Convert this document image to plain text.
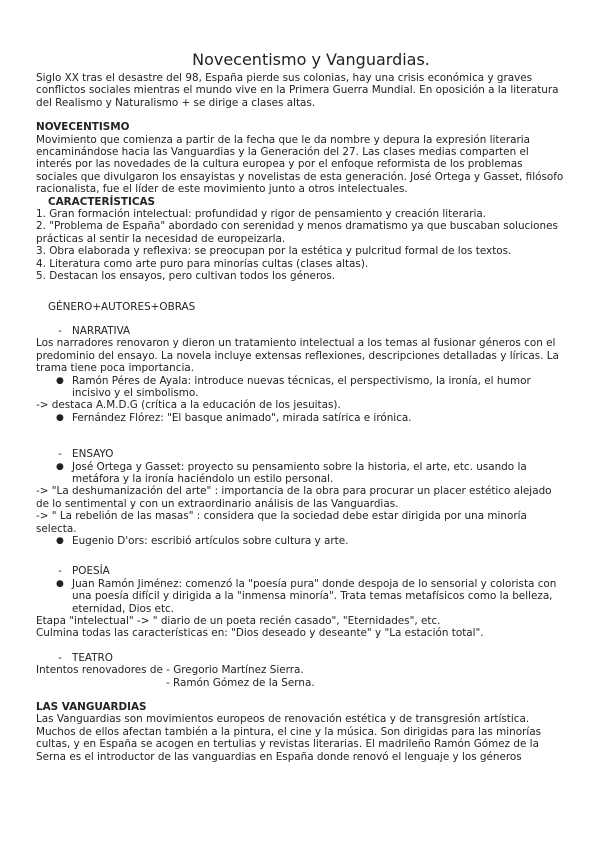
Novecentismo y Vanguardias.

Siglo XX tras el desastre del 98, España pierde sus colonias, hay una crisis económica y graves conflictos sociales mientras el mundo vive en la Primera Guerra Mundial. En oposición a la literatura del Realismo y Naturalismo + se dirige a clases altas.

NOVECENTISMO

Movimiento que comienza a partir de la fecha que le da nombre y depura la expresión literaria encaminándose hacia las Vanguardias y la Generación del 27. Las clases medias comparten el interés por las novedades de la cultura europea y por el enfoque reformista de los problemas sociales que divulgaron los ensayistas y novelistas de esta generación. José Ortega y Gasset, filósofo racionalista, fue el líder de este movimiento junto a otros intelectuales.

CARACTERÍSTICAS

1. Gran formación intelectual: profundidad y rigor de pensamiento y creación literaria.

2. "Problema de España" abordado con serenidad y menos dramatismo ya que buscaban soluciones prácticas al sentir la necesidad de europeizarla.

3. Obra elaborada y reflexiva: se preocupan por la estética y pulcritud formal de los textos.

4. Literatura como arte puro para minorías cultas (clases altas).

5. Destacan los ensayos, pero cultivan todos los géneros.

GÉNERO+AUTORES+OBRAS

- NARRATIVA

Los narradores renovaron y dieron un tratamiento intelectual a los temas al fusionar géneros con el predominio del ensayo. La novela incluye extensas reflexiones, descripciones detalladas y líricas. La trama tiene poca importancia.

● Ramón Péres de Ayala: introduce nuevas técnicas, el perspectivismo, la ironía, el humor incisivo y el simbolismo.

-> destaca A.M.D.G (crítica a la educación de los jesuitas).

● Fernández Flórez: "El basque animado", mirada satírica e irónica.

- ENSAYO

● José Ortega y Gasset: proyecto su pensamiento sobre la historia, el arte, etc. usando la metáfora y la ironía haciéndolo un estilo personal.

-> "La deshumanización del arte" : importancia de la obra para procurar un placer estético alejado de lo sentimental y con un extraordinario análisis de las Vanguardias.

-> " La rebelión de las masas" : considera que la sociedad debe estar dirigida por una minoría selecta.

● Eugenio D'ors: escribió artículos sobre cultura y arte.

- POESÍA

● Juan Ramón Jiménez: comenzó la "poesía pura" donde despoja de lo sensorial y colorista con una poesía difícil y dirigida a la "inmensa minoría". Trata temas metafísicos como la belleza, eternidad, Dios etc.

Etapa "intelectual" -> " diario de un poeta recién casado", "Eternidades", etc.

Culmina todas las características en: "Dios deseado y deseante" y "La estación total".

- TEATRO

Intentos renovadores de - Gregorio Martínez Sierra.

- Ramón Gómez de la Serna.

LAS VANGUARDIAS

Las Vanguardias son movimientos europeos de renovación estética y de transgresión artística. Muchos de ellos afectan también a la pintura, el cine y la música. Son dirigidas para las minorías cultas, y en España se acogen en tertulias y revistas literarias. El madrileño Ramón Gómez de la Serna es el introductor de las vanguardias en España donde renovó el lenguaje y los géneros
